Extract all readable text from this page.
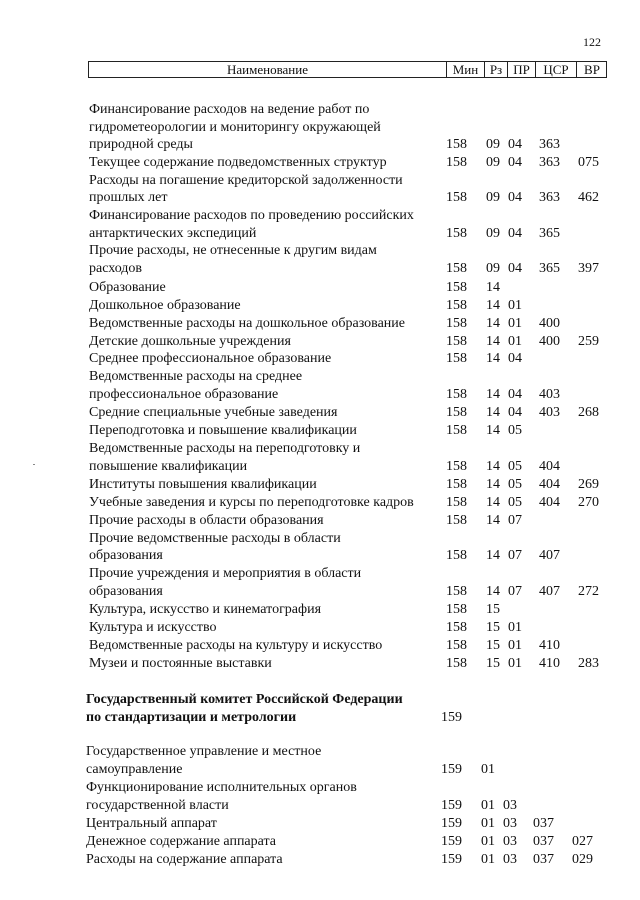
122
Наименование	Мин Рз ПР	ЦСР	ВР
Финансирование расходов на ведение работ по
гидрометеорологии и мониторингу окружающей
природной среды	158 09 04 363
Текущее содержание подведомственных структур	158 09 04 363 075
Расходы на погашение кредиторской задолженности
прошлых лет	158 09 04 363 462
Финансирование расходов по проведению российских
антарктических экспедиций	158 09 04 365
Прочие расходы, не отнесенные к другим видам
расходов	158 09 04 365 397
Образование	158 14
Дошкольное образование	158 14 01
Ведомственные расходы на дошкольное образование	158 14 01 400
Детские дошкольные учреждения	158 14 01 400 259
Среднее профессиональное образование	158 14 04
Ведомственные расходы на среднее
профессиональное образование	158 14 04 403
Средние специальные учебные заведения	158 14 04 403 268
Переподготовка и повышение квалификации	158 14 05
Ведомственные расходы на переподготовку и
повышение квалификации	158 14 05 404
Институты повышения квалификации	158 14 05 404 269
Учебные заведения и курсы по переподготовке кадров 158 14 05 404 270
Прочие расходы в области образования	158 14 07
Прочие ведомственные расходы в области
образования	158 14 07 407
Прочие учреждения и мероприятия в области
образования	158 14 07 407 272
Культура, искусство и кинематография	158 15
Культура и искусство	158 15 01
Ведомственные расходы на культуру и искусство	158 15 01 410
Музеи и постоянные выставки	158 15 01 410 283
Государственный комитет Российской Федерации
по стандартизации и метрологии	159
Государственное управление и местное
самоуправление	159 01
Функционирование исполнительных органов
государственной власти	159 01 03
Центральный аппарат	159 01 03 037
Денежное содержание аппарата	159 01 03 037 027
Расходы на содержание аппарата	159 01 03 037 029
